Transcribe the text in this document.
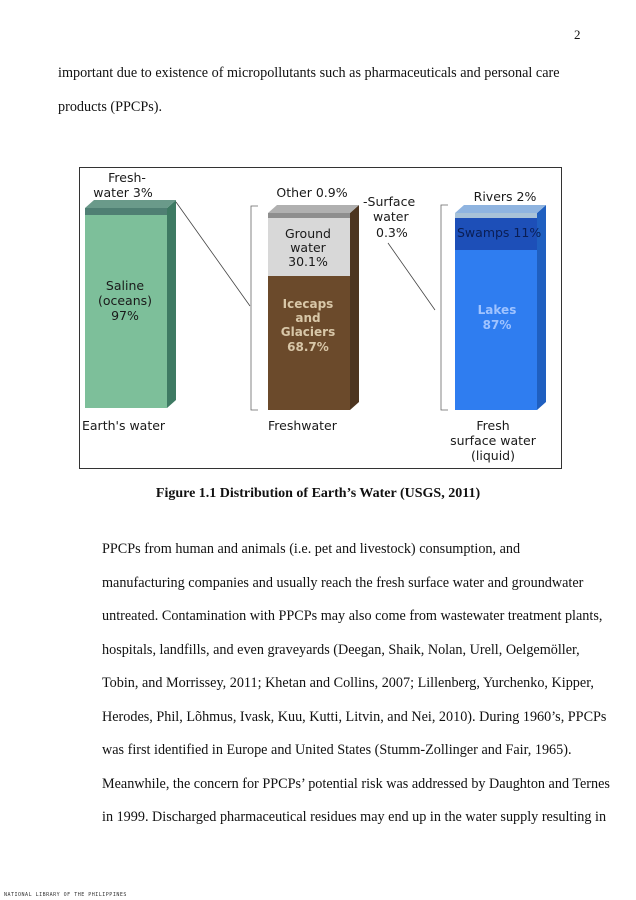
2

important due to existence of micropollutants such as pharmaceuticals and personal care
products (PPCPs).

Fresh-
water 3%
Saline
(oceans)
97%
Earth's water
Other 0.9%
Ground
water
30.1%
Icecaps
and
Glaciers
68.7%
-Surface
water
0.3%
Freshwater
Rivers 2%
Swamps 11%
Lakes
87%
Fresh
surface water
(liquid)
Figure 1.1 Distribution of Earth’s Water (USGS, 2011)

PPCPs from human and animals (i.e. pet and livestock) consumption, and
manufacturing companies and usually reach the fresh surface water and groundwater
untreated. Contamination with PPCPs may also come from wastewater treatment plants,
hospitals, landfills, and even graveyards (Deegan, Shaik, Nolan, Urell, Oelgemöller,
Tobin, and Morrissey, 2011; Khetan and Collins, 2007; Lillenberg, Yurchenko, Kipper,
Herodes, Phil, Lõhmus, Ivask, Kuu, Kutti, Litvin, and Nei, 2010). During 1960’s, PPCPs
was first identified in Europe and United States (Stumm-Zollinger and Fair, 1965).
Meanwhile, the concern for PPCPs’ potential risk was addressed by Daughton and Ternes
in 1999. Discharged pharmaceutical residues may end up in the water supply resulting in

NATIONAL LIBRARY OF THE PHILIPPINES
